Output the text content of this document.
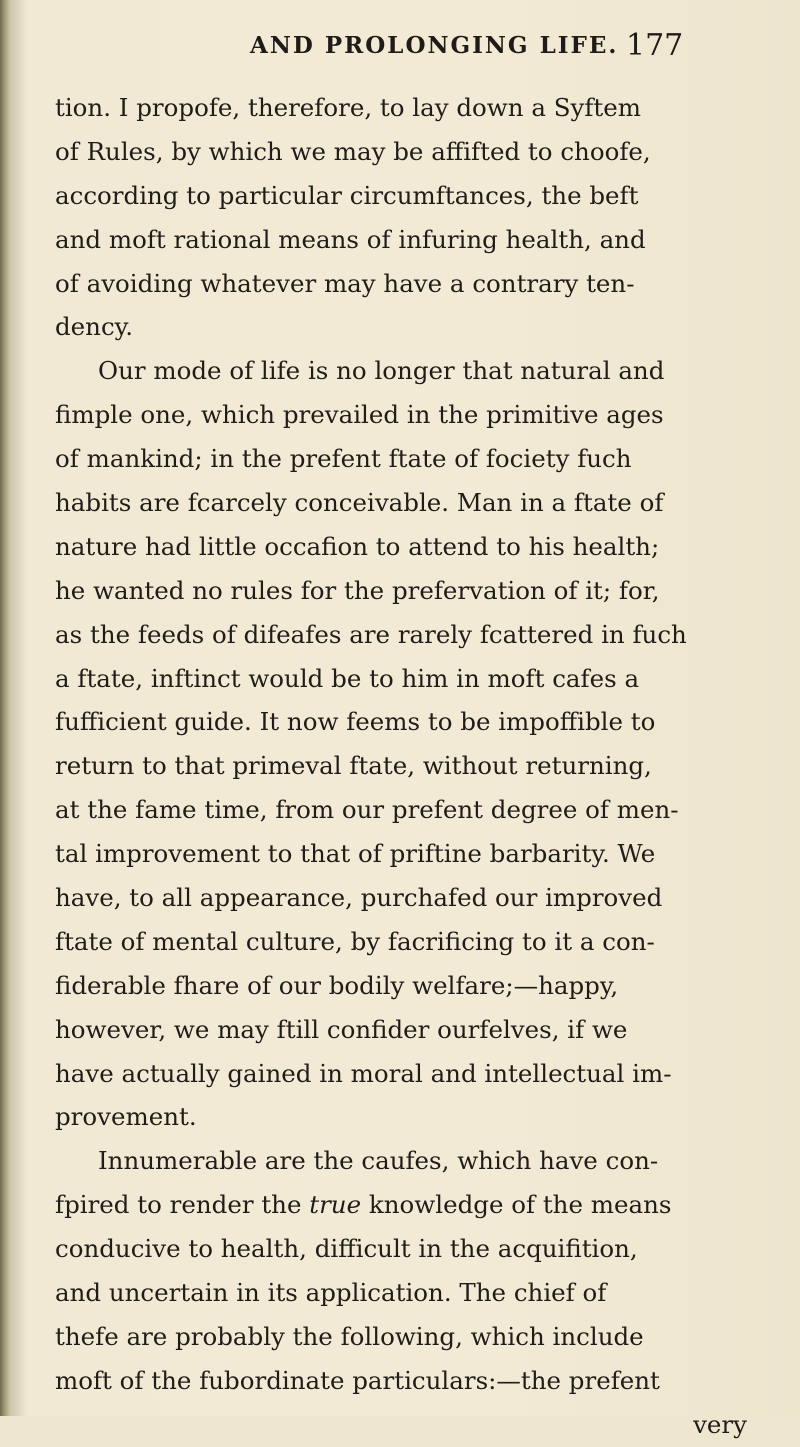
AND PROLONGING LIFE. 177
tion. I propofe, therefore, to lay down a Syftem
of Rules, by which we may be affifted to choofe,
according to particular circumftances, the beft
and moft rational means of infuring health, and
of avoiding whatever may have a contrary ten-
dency.
Our mode of life is no longer that natural and
fimple one, which prevailed in the primitive ages
of mankind; in the prefent ftate of fociety fuch
habits are fcarcely conceivable. Man in a ftate of
nature had little occafion to attend to his health;
he wanted no rules for the prefervation of it; for,
as the feeds of difeafes are rarely fcattered in fuch
a ftate, inftinct would be to him in moft cafes a
fufficient guide. It now feems to be impoffible to
return to that primeval ftate, without returning,
at the fame time, from our prefent degree of men-
tal improvement to that of priftine barbarity. We
have, to all appearance, purchafed our improved
ftate of mental culture, by facrificing to it a con-
fiderable fhare of our bodily welfare;—happy,
however, we may ftill confider ourfelves, if we
have actually gained in moral and intellectual im-
provement.
Innumerable are the caufes, which have con-
fpired to render the true knowledge of the means
conducive to health, difficult in the acquifition,
and uncertain in its application. The chief of
thefe are probably the following, which include
moft of the fubordinate particulars:—the prefent
very
